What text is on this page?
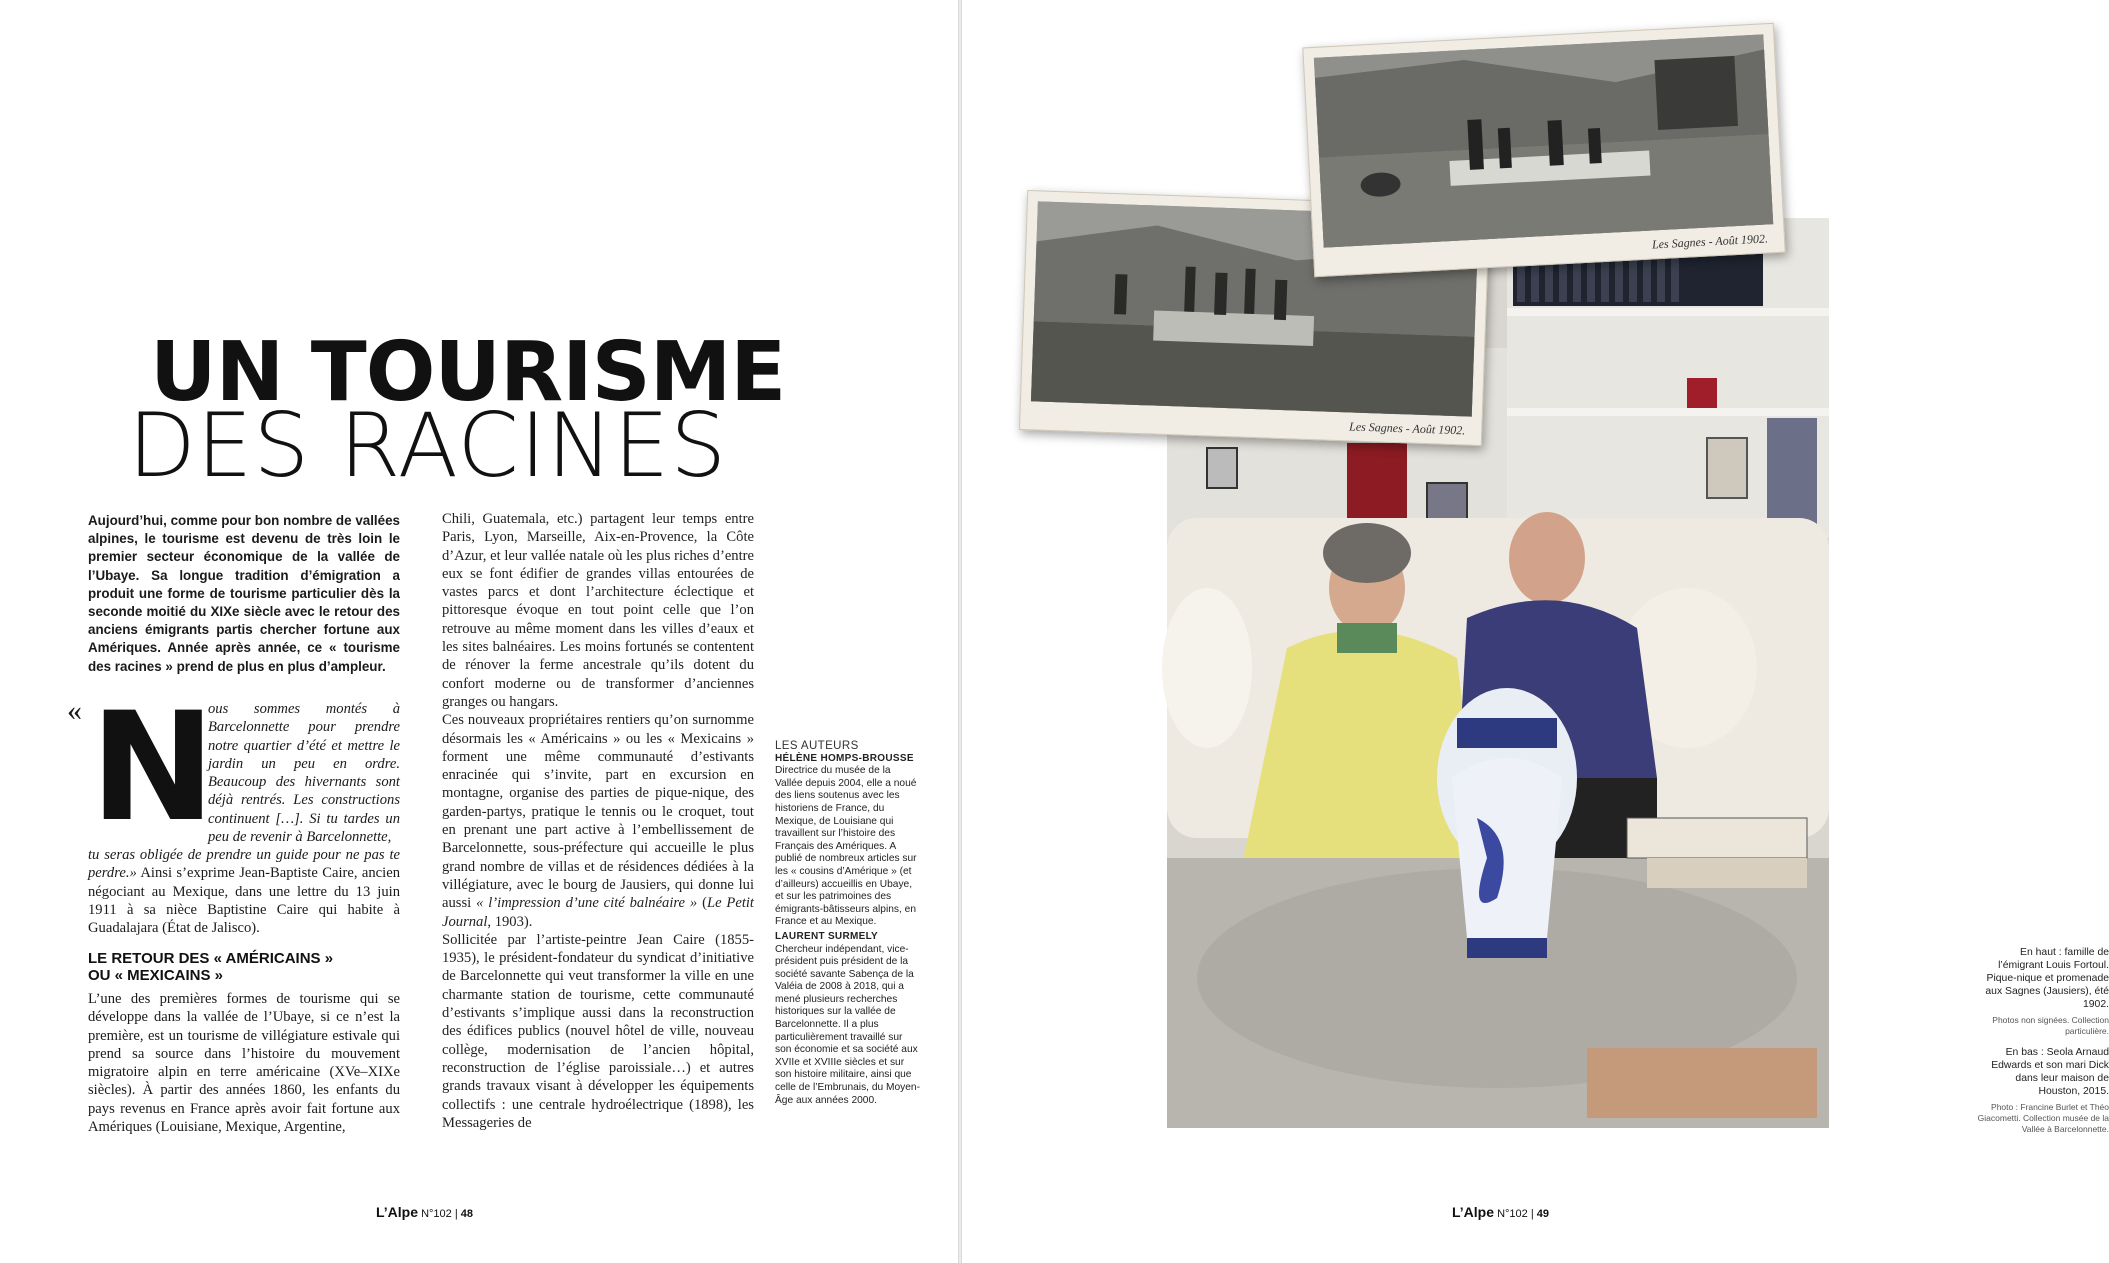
UN TOURISME
DES RACINES
Aujourd’hui, comme pour bon nombre de vallées alpines, le tourisme est devenu de très loin le premier secteur économique de la vallée de l’Ubaye. Sa longue tradition d’émigration a produit une forme de tourisme particulier dès la seconde moitié du XIXe siècle avec le retour des anciens émigrants partis chercher fortune aux Amériques. Année après année, ce « tourisme des racines » prend de plus en plus d’ampleur.
« N
ous sommes montés à Barcelonnette pour prendre notre quartier d’été et mettre le jardin un peu en ordre. Beaucoup des hivernants sont déjà rentrés. Les constructions continuent […]. Si tu tardes un peu de revenir à Barcelonnette,
tu seras obligée de prendre un guide pour ne pas te perdre.» Ainsi s’exprime Jean-Baptiste Caire, ancien négociant au Mexique, dans une lettre du 13 juin 1911 à sa nièce Baptistine Caire qui habite à Guadalajara (État de Jalisco).
LE RETOUR DES « AMÉRICAINS »
OU « MEXICAINS »
L’une des premières formes de tourisme qui se développe dans la vallée de l’Ubaye, si ce n’est la première, est un tourisme de villégiature estivale qui prend sa source dans l’histoire du mouvement migratoire alpin en terre américaine (XVe–XIXe siècles). À partir des années 1860, les enfants du pays revenus en France après avoir fait fortune aux Amériques (Louisiane, Mexique, Argentine,

Chili, Guatemala, etc.) partagent leur temps entre Paris, Lyon, Marseille, Aix-en-Provence, la Côte d’Azur, et leur vallée natale où les plus riches d’entre eux se font édifier de grandes villas entourées de vastes parcs et dont l’architecture éclectique et pittoresque évoque en tout point celle que l’on retrouve au même moment dans les villes d’eaux et les sites balnéaires. Les moins fortunés se contentent de rénover la ferme ancestrale qu’ils dotent du confort moderne ou de transformer d’anciennes granges ou hangars.

Ces nouveaux propriétaires rentiers qu’on surnomme désormais les « Américains » ou les « Mexicains » forment une même communauté d’estivants enracinée qui s’invite, part en excursion en montagne, organise des parties de pique-nique, des garden-partys, pratique le tennis ou le croquet, tout en prenant une part active à l’embellissement de Barcelonnette, sous-préfecture qui accueille le plus grand nombre de villas et de résidences dédiées à la villégiature, avec le bourg de Jausiers, qui donne lui aussi « l’impression d’une cité balnéaire » (Le Petit Journal, 1903).

Sollicitée par l’artiste-peintre Jean Caire (1855-1935), le président-fondateur du syndicat d’initiative de Barcelonnette qui veut transformer la ville en une charmante station de tourisme, cette communauté d’estivants s’implique aussi dans la reconstruction des édifices publics (nouvel hôtel de ville, nouveau collège, modernisation de l’ancien hôpital, reconstruction de l’église paroissiale…) et autres grands travaux visant à développer les équipements collectifs : une centrale hydroélectrique (1898), les Messageries de

LES AUTEURS

HÉLÈNE HOMPS-BROUSSE

Directrice du musée de la Vallée depuis 2004, elle a noué des liens soutenus avec les historiens de France, du Mexique, de Louisiane qui travaillent sur l’histoire des Français des Amériques. A publié de nombreux articles sur les « cousins d’Amérique » (et d’ailleurs) accueillis en Ubaye, et sur les patrimoines des émigrants-bâtisseurs alpins, en France et au Mexique.

LAURENT SURMELY

Chercheur indépendant, vice-président puis président de la société savante Sabença de la Valéia de 2008 à 2018, qui a mené plusieurs recherches historiques sur la vallée de Barcelonnette. Il a plus particulièrement travaillé sur son économie et sa société aux XVIIe et XVIIIe siècles et sur son histoire militaire, ainsi que celle de l’Embrunais, du Moyen-Âge aux années 2000.

L’Alpe N°102 | 48

En haut : famille de l’émigrant Louis Fortoul. Pique-nique et promenade aux Sagnes (Jausiers), été 1902.

Photos non signées. Collection particulière.

En bas : Seola Arnaud Edwards et son mari Dick dans leur maison de Houston, 2015.

Photo : Francine Burlet et Théo Giacometti. Collection musée de la Vallée à Barcelonnette.

L’Alpe N°102 | 49
Les Sagnes - Août 1902.
Les Sagnes - Août 1902.
